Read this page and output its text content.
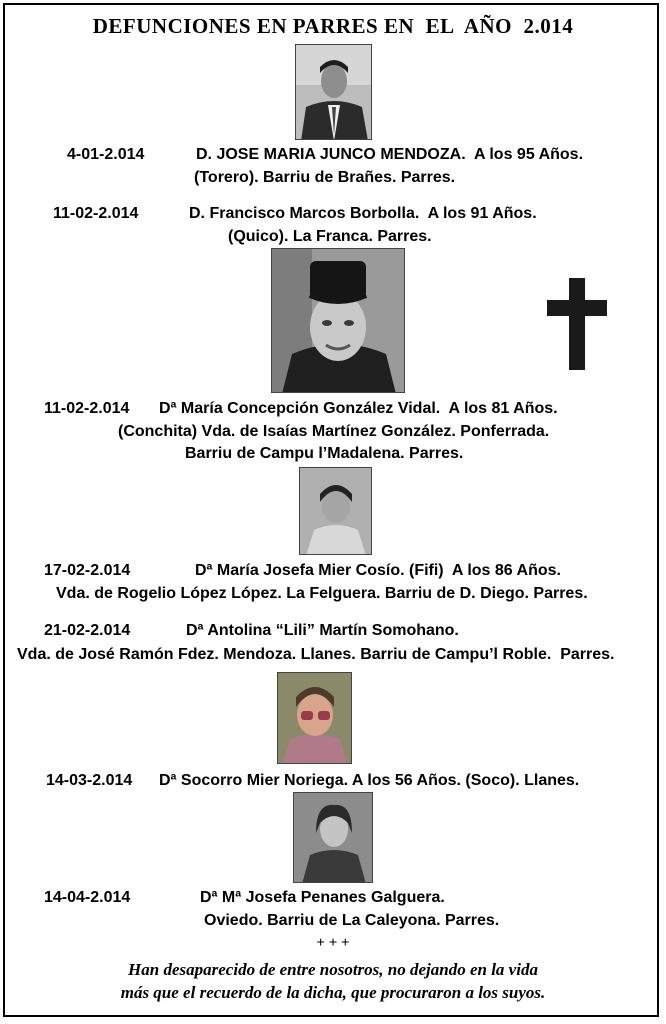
DEFUNCIONES EN PARRES EN  EL  AÑO  2.014
4-01-2.014	D. JOSE MARIA JUNCO MENDOZA.  A los 95 Años.
(Torero). Barriu de Brañes. Parres.
11-02-2.014	D. Francisco Marcos Borbolla.  A los 91 Años.
(Quico). La Franca. Parres.
11-02-2.014 Dª María Concepción González Vidal.  A los 81 Años.
(Conchita) Vda. de Isaías Martínez González. Ponferrada.
Barriu de Campu l’Madalena. Parres.
17-02-2.014	Dª María Josefa Mier Cosío. (Fifi)  A los 86 Años.
Vda. de Rogelio López López. La Felguera. Barriu de D. Diego. Parres.
21-02-2.014	Dª Antolina “Lili” Martín Somohano.
Vda. de José Ramón Fdez. Mendoza. Llanes. Barriu de Campu’l Roble.  Parres.
14-03-2.014 Dª Socorro Mier Noriega. A los 56 Años. (Soco). Llanes.
14-04-2.014	Dª Mª Josefa Penanes Galguera.
Oviedo. Barriu de La Caleyona. Parres.
+ + +
Han desaparecido de entre nosotros, no dejando en la vida
más que el recuerdo de la dicha, que procuraron a los suyos.
